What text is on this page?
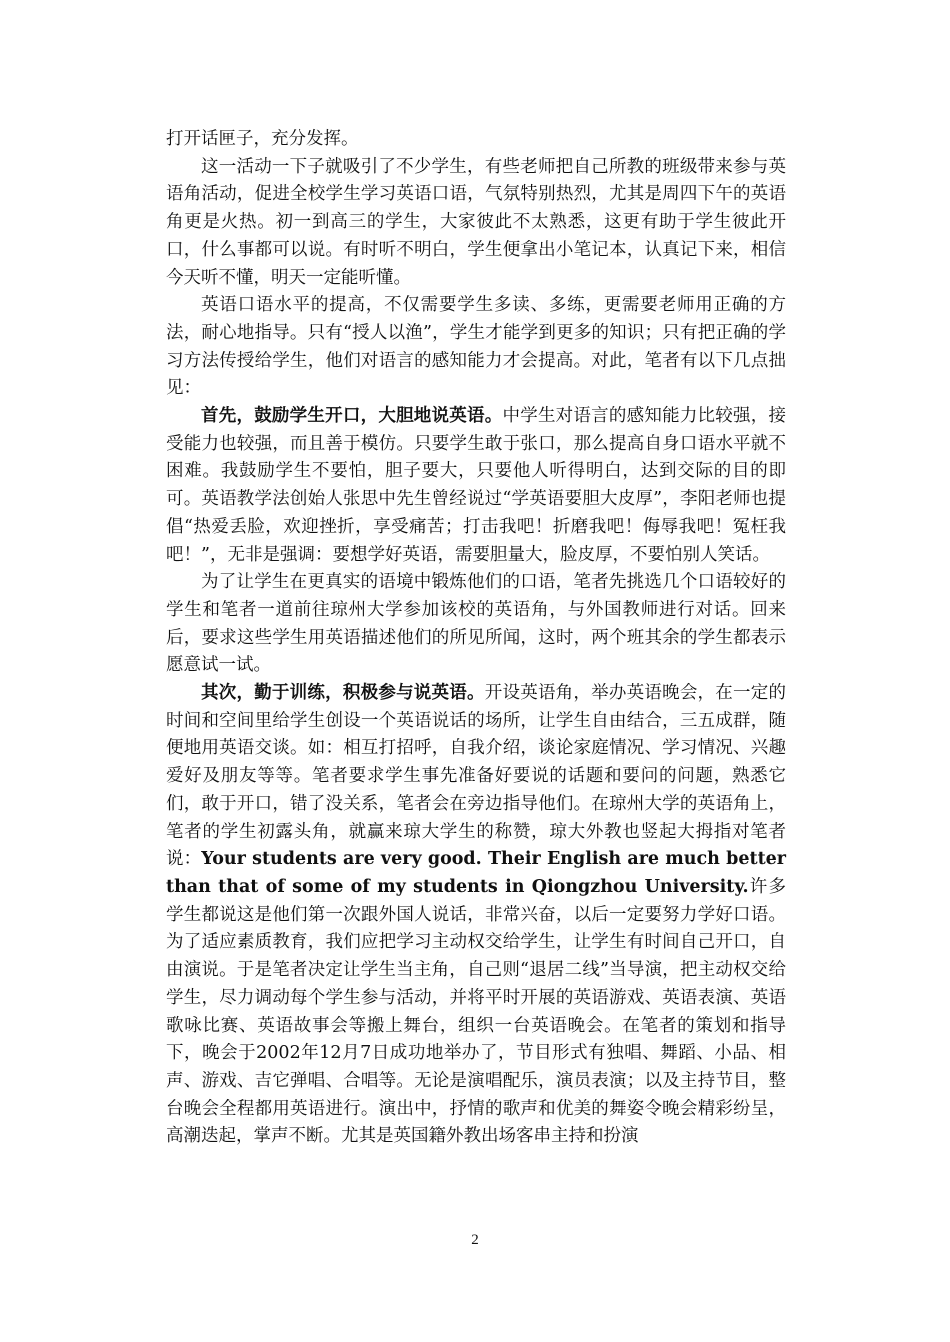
打开话匣子，充分发挥。

这一活动一下子就吸引了不少学生，有些老师把自己所教的班级带来参与英语角活动，促进全校学生学习英语口语，气氛特别热烈，尤其是周四下午的英语角更是火热。初一到高三的学生，大家彼此不太熟悉，这更有助于学生彼此开口，什么事都可以说。有时听不明白，学生便拿出小笔记本，认真记下来，相信今天听不懂，明天一定能听懂。

英语口语水平的提高，不仅需要学生多读、多练，更需要老师用正确的方法，耐心地指导。只有“授人以渔”，学生才能学到更多的知识；只有把正确的学习方法传授给学生，他们对语言的感知能力才会提高。对此，笔者有以下几点拙见：

首先，鼓励学生开口，大胆地说英语。中学生对语言的感知能力比较强，接受能力也较强，而且善于模仿。只要学生敢于张口，那么提高自身口语水平就不困难。我鼓励学生不要怕，胆子要大，只要他人听得明白，达到交际的目的即可。英语教学法创始人张思中先生曾经说过“学英语要胆大皮厚”，李阳老师也提倡“热爱丢脸，欢迎挫折，享受痛苦；打击我吧！折磨我吧！侮辱我吧！冤枉我吧！”，无非是强调：要想学好英语，需要胆量大，脸皮厚，不要怕别人笑话。

为了让学生在更真实的语境中锻炼他们的口语，笔者先挑选几个口语较好的学生和笔者一道前往琼州大学参加该校的英语角，与外国教师进行对话。回来后，要求这些学生用英语描述他们的所见所闻，这时，两个班其余的学生都表示愿意试一试。

其次，勤于训练，积极参与说英语。开设英语角，举办英语晚会，在一定的时间和空间里给学生创设一个英语说话的场所，让学生自由结合，三五成群，随便地用英语交谈。如：相互打招呼，自我介绍，谈论家庭情况、学习情况、兴趣爱好及朋友等等。笔者要求学生事先准备好要说的话题和要问的问题，熟悉它们，敢于开口，错了没关系，笔者会在旁边指导他们。在琼州大学的英语角上，笔者的学生初露头角，就赢来琼大学生的称赞，琼大外教也竖起大拇指对笔者说：Your students are very good. Their English are much better than that of some of my students in Qiongzhou University.许多学生都说这是他们第一次跟外国人说话，非常兴奋，以后一定要努力学好口语。为了适应素质教育，我们应把学习主动权交给学生，让学生有时间自己开口，自由演说。于是笔者决定让学生当主角，自己则“退居二线”当导演，把主动权交给学生，尽力调动每个学生参与活动，并将平时开展的英语游戏、英语表演、英语歌咏比赛、英语故事会等搬上舞台，组织一台英语晚会。在笔者的策划和指导下，晚会于2002年12月7日成功地举办了，节目形式有独唱、舞蹈、小品、相声、游戏、吉它弹唱、合唱等。无论是演唱配乐，演员表演；以及主持节目，整台晚会全程都用英语进行。演出中，抒情的歌声和优美的舞姿令晚会精彩纷呈，高潮迭起，掌声不断。尤其是英国籍外教出场客串主持和扮演

2
